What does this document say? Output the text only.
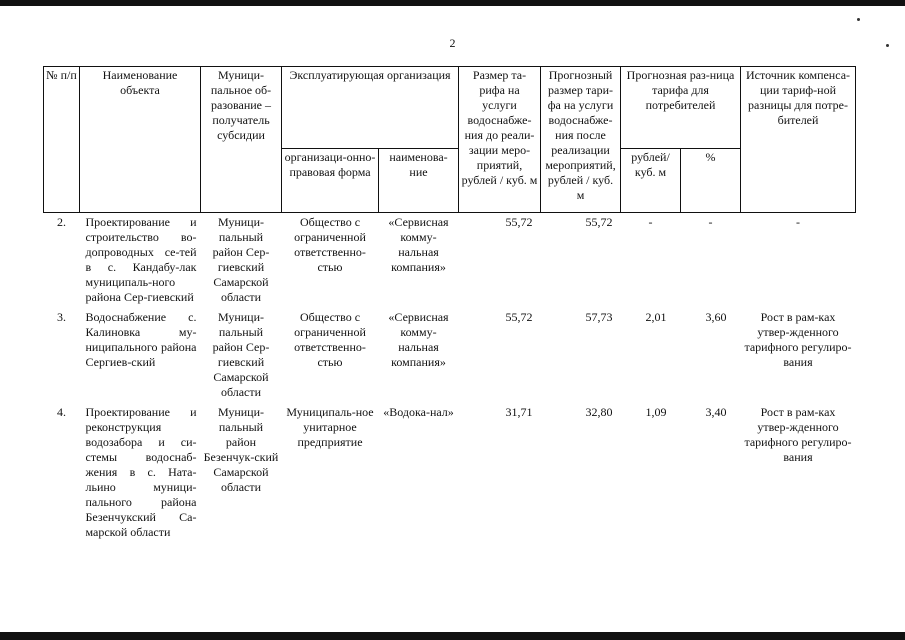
2
№ п/п	Наименование объекта	Муници-пальное об-разование – получатель субсидии	Эксплуатирующая организация		Размер та-рифа на услуги водоснабже-ния до реали-зации меро-приятий, рублей / куб. м	Прогнозный размер тари-фа на услуги водоснабже-ния после реализации мероприятий, рублей / куб. м	Прогнозная раз-ница тарифа для потребителей		Источник компенса-ции тариф-ной разницы для потре-бителей
			организаци-онно-правовая форма	наименова-ние			рублей/ куб. м	%	
2.	Проектирование и строительство во-допроводных се-тей в с. Кандабу-лак муниципаль-ного района Сер-гиевский	Муници-пальный район Сер-гиевский Самарской области	Общество с ограниченной ответственно-стью	«Сервисная комму-нальная компания»	55,72	55,72	-	-	-
3.	Водоснабжение с. Калиновка му-ниципального района Сергиев-ский	Муници-пальный район Сер-гиевский Самарской области	Общество с ограниченной ответственно-стью	«Сервисная комму-нальная компания»	55,72	57,73	2,01	3,60	Рост в рам-ках утвер-жденного тарифного регулиро-вания
4.	Проектирование и реконструкция водозабора и си-стемы водоснаб-жения в с. Ната-льино муници-пального района Безенчукский Са-марской области	Муници-пальный район Безенчук-ский Самарской области	Муниципаль-ное унитарное предприятие	«Водока-нал»	31,71	32,80	1,09	3,40	Рост в рам-ках утвер-жденного тарифного регулиро-вания
